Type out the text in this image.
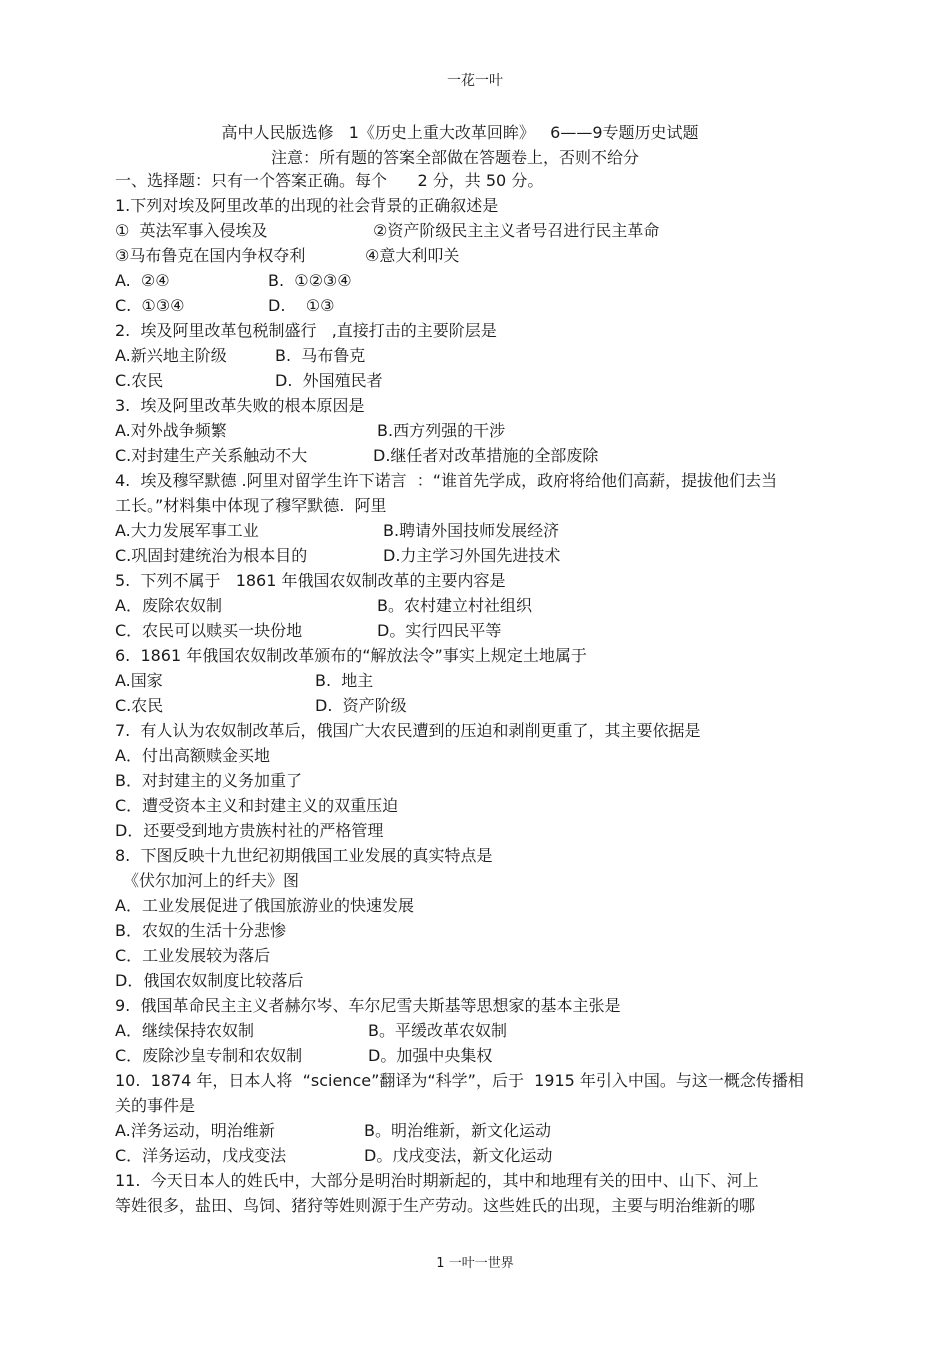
一花一叶
高中人民版选修   1《历史上重大改革回眸》   6——9专题历史试题
注意：所有题的答案全部做在答题卷上，否则不给分
一、选择题：只有一个答案正确。每个      2 分，共 50 分。
1.下列对埃及阿里改革的出现的社会背景的正确叙述是
①  英法军事入侵埃及	②资产阶级民主主义者号召进行民主革命
③马布鲁克在国内争权夺利	④意大利叩关
A.  ②④	B.  ①②③④
C.  ①③④	D.    ①③
2.  埃及阿里改革包税制盛行   ,直接打击的主要阶层是
A.新兴地主阶级	B.  马布鲁克
C.农民	D.  外国殖民者
3.  埃及阿里改革失败的根本原因是
A.对外战争频繁	B.西方列强的干涉
C.对封建生产关系触动不大	D.继任者对改革措施的全部废除
4.  埃及穆罕默德 .阿里对留学生许下诺言  ：“谁首先学成，政府将给他们高薪，提拔他们去当
工长。”材料集中体现了穆罕默德.  阿里
A.大力发展军事工业	B.聘请外国技师发展经济
C.巩固封建统治为根本目的	D.力主学习外国先进技术
5.  下列不属于   1861 年俄国农奴制改革的主要内容是
A．废除农奴制	B。农村建立村社组织
C．农民可以赎买一块份地	D。实行四民平等
6.  1861 年俄国农奴制改革颁布的“解放法令”事实上规定土地属于
A.国家	B.  地主
C.农民	D.  资产阶级
7.  有人认为农奴制改革后，俄国广大农民遭到的压迫和剥削更重了，其主要依据是
A．付出高额赎金买地
B．对封建主的义务加重了
C．遭受资本主义和封建主义的双重压迫
D．还要受到地方贵族村社的严格管理
8.  下图反映十九世纪初期俄国工业发展的真实特点是
《伏尔加河上的纤夫》图
A．工业发展促进了俄国旅游业的快速发展
B．农奴的生活十分悲惨
C．工业发展较为落后
D．俄国农奴制度比较落后
9.  俄国革命民主主义者赫尔岑、车尔尼雪夫斯基等思想家的基本主张是
A．继续保持农奴制	B。平缓改革农奴制
C．废除沙皇专制和农奴制	D。加强中央集权
10.  1874 年，日本人将  “science”翻译为“科学”，后于  1915 年引入中国。与这一概念传播相
关的事件是
A.洋务运动，明治维新	B。明治维新，新文化运动
C．洋务运动，戊戌变法	D。戊戌变法，新文化运动
11.  今天日本人的姓氏中，大部分是明治时期新起的，其中和地理有关的田中、山下、河上
等姓很多，盐田、鸟饲、猪狩等姓则源于生产劳动。这些姓氏的出现，主要与明治维新的哪
1 一叶一世界
